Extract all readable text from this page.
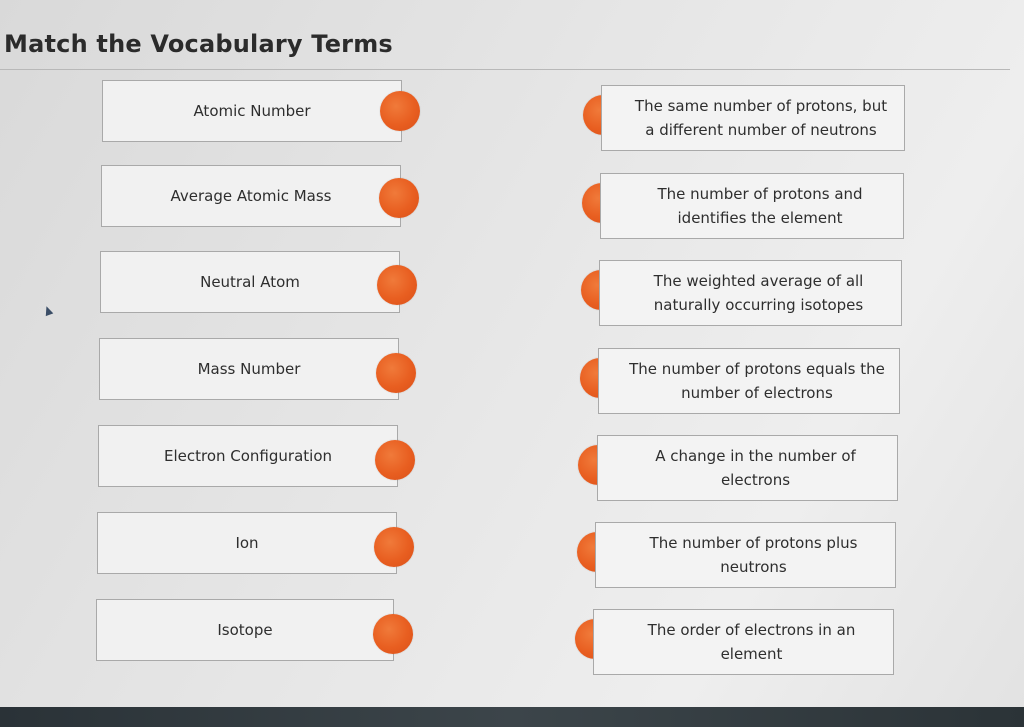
Match the Vocabulary Terms
Atomic Number	The same number of protons, but
a different number of neutrons
Average Atomic Mass	The number of protons and
identifies the element
Neutral Atom	The weighted average of all
naturally occurring isotopes
Mass Number	The number of protons equals the
number of electrons
Electron Configuration	A change in the number of
electrons
Ion	The number of protons plus
neutrons
Isotope	The order of electrons in an
element
